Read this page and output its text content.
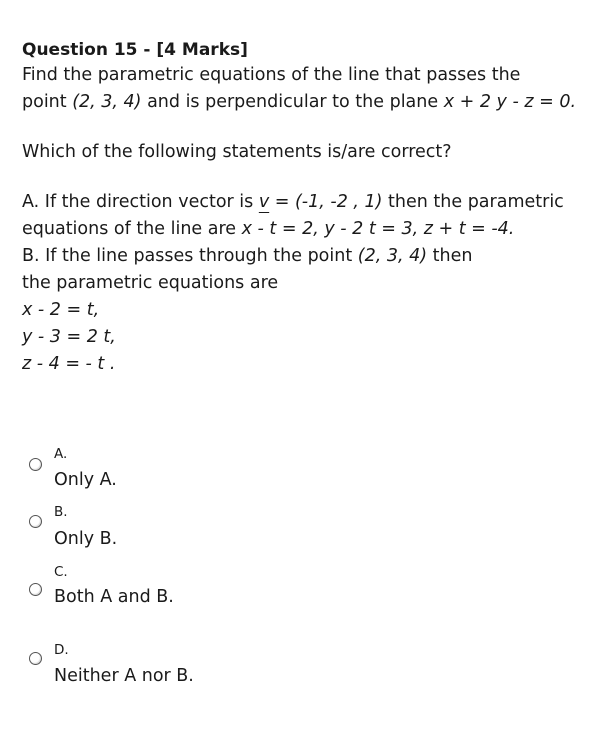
Question 15 - [4 Marks]
Find the parametric equations of the line that passes the
point (2, 3, 4) and is perpendicular to the plane x + 2 y - z = 0.
Which of the following statements is/are correct?
A. If the direction vector is v = (-1, -2 , 1) then the parametric
equations of the line are x - t = 2, y - 2 t = 3, z + t = -4.
B. If the line passes through the point (2, 3, 4) then
the parametric equations are
x - 2 = t,
y - 3 = 2 t,
z - 4 = - t .
A.
Only A.
B.
Only B.
C.
Both A and B.
D.
Neither A nor B.
